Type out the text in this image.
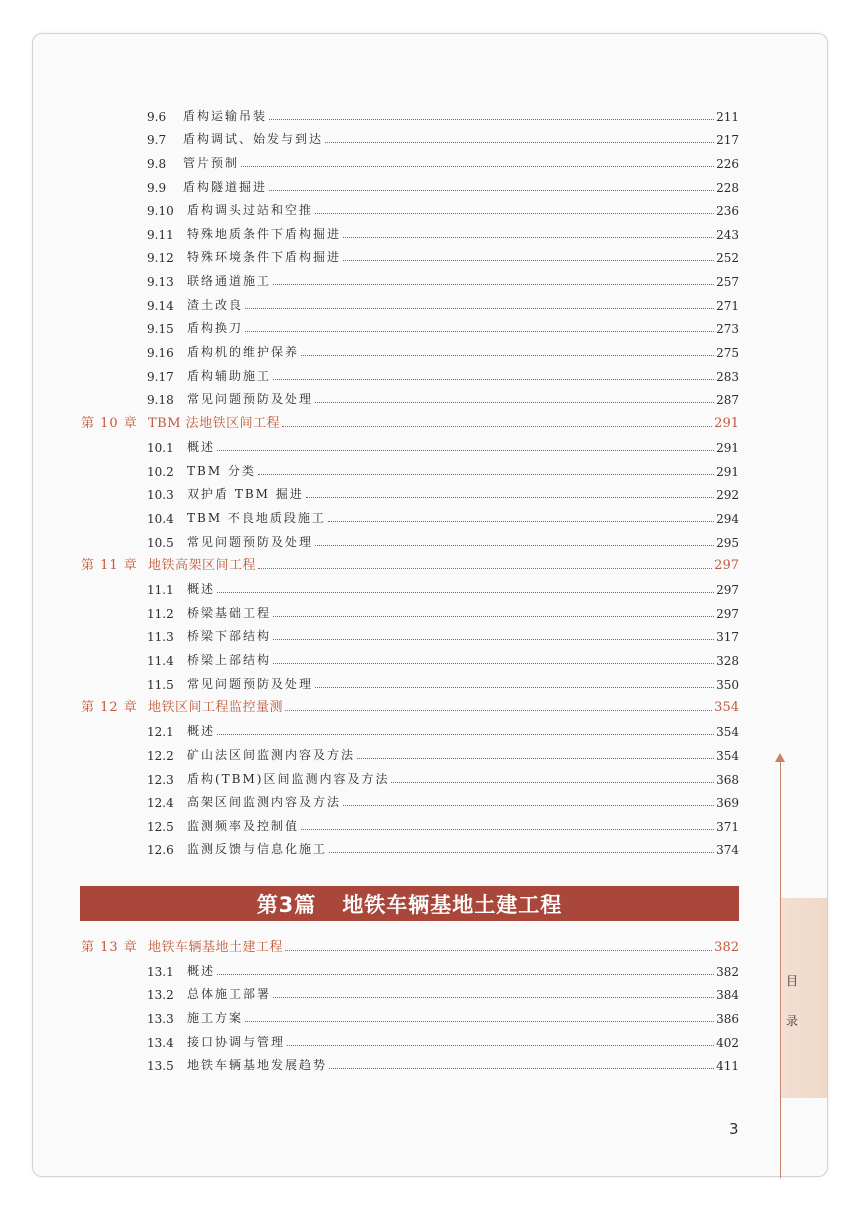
9.6	盾构运输吊装	211
9.7	盾构调试、始发与到达	217
9.8	管片预制	226
9.9	盾构隧道掘进	228
9.10	盾构调头过站和空推	236
9.11	特殊地质条件下盾构掘进	243
9.12	特殊环境条件下盾构掘进	252
9.13	联络通道施工	257
9.14	渣土改良	271
9.15	盾构换刀	273
9.16	盾构机的维护保养	275
9.17	盾构辅助施工	283
9.18	常见问题预防及处理	287
第 10 章 TBM 法地铁区间工程	291
10.1	概述	291
10.2	TBM 分类	291
10.3	双护盾 TBM 掘进	292
10.4	TBM 不良地质段施工	294
10.5	常见问题预防及处理	295
第 11 章 地铁高架区间工程	297
11.1	概述	297
11.2	桥梁基础工程	297
11.3	桥梁下部结构	317
11.4	桥梁上部结构	328
11.5	常见问题预防及处理	350
第 12 章 地铁区间工程监控量测	354
12.1	概述	354
12.2	矿山法区间监测内容及方法	354
12.3	盾构(TBM)区间监测内容及方法	368
12.4	高架区间监测内容及方法	369
12.5	监测频率及控制值	371
12.6	监测反馈与信息化施工	374
第3篇 地铁车辆基地土建工程
第 13 章 地铁车辆基地土建工程	382
13.1	概述	382
13.2	总体施工部署	384
13.3	施工方案	386
13.4	接口协调与管理	402
13.5	地铁车辆基地发展趋势	411
目
录
3
